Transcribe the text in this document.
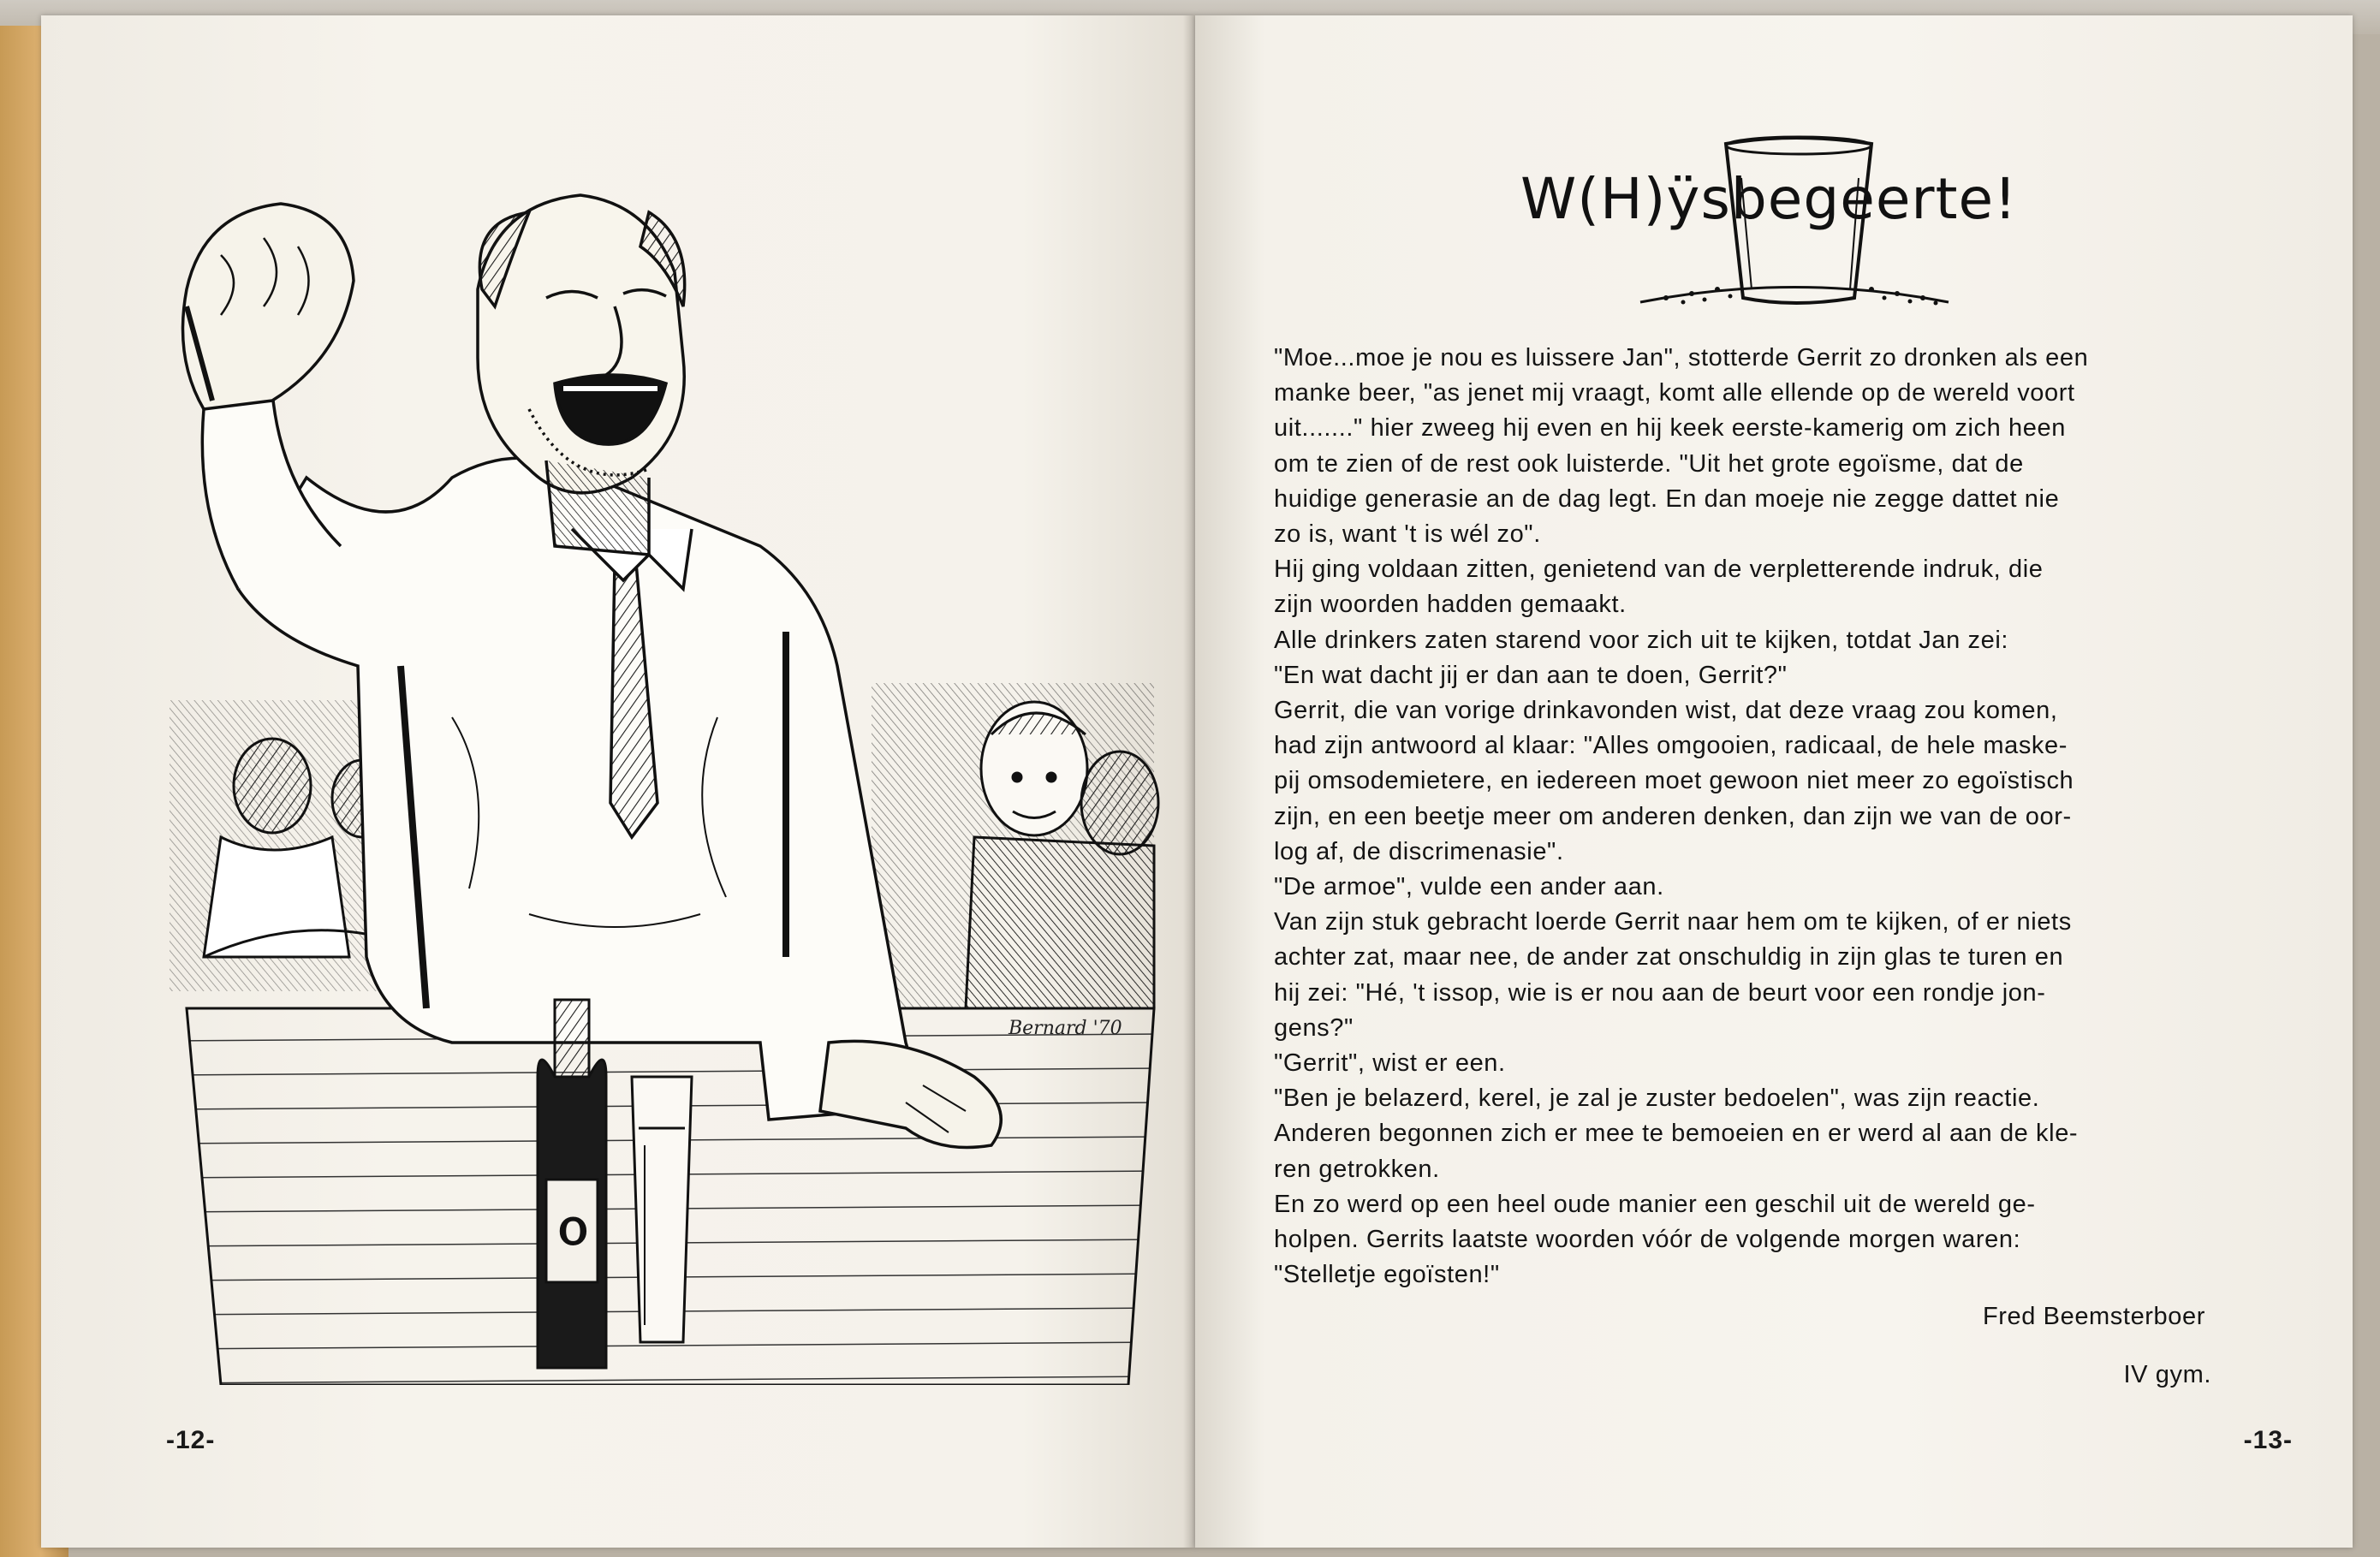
O
Bernard '70
-12-
W(H)ÿsbegeerte!

"Moe...moe je nou es luissere Jan", stotterde Gerrit zo dronken als een

manke beer, "as jenet mij vraagt, komt alle ellende op de wereld voort

uit......." hier zweeg hij even en hij keek eerste-kamerig om zich heen

om te zien of de rest ook luisterde. "Uit het grote egoïsme, dat de

huidige generasie an de dag legt. En dan moeje nie zegge dattet nie

zo is, want 't is wél zo".

Hij ging voldaan zitten, genietend van de verpletterende indruk, die

zijn woorden hadden gemaakt.

Alle drinkers zaten starend voor zich uit te kijken, totdat Jan zei:

"En wat dacht jij er dan aan te doen, Gerrit?"

Gerrit, die van vorige drinkavonden wist, dat deze vraag zou komen,

had zijn antwoord al klaar: "Alles omgooien, radicaal, de hele maske-

pij omsodemietere, en iedereen moet gewoon niet meer zo egoïstisch

zijn, en een beetje meer om anderen denken, dan zijn we van de oor-

log af, de discrimenasie".

"De armoe", vulde een ander aan.

Van zijn stuk gebracht loerde Gerrit naar hem om te kijken, of er niets

achter zat, maar nee, de ander zat onschuldig in zijn glas te turen en

hij zei: "Hé, 't issop, wie is er nou aan de beurt voor een rondje jon-

gens?"

"Gerrit", wist er een.

"Ben je belazerd, kerel, je zal je zuster bedoelen", was zijn reactie.

Anderen begonnen zich er mee te bemoeien en er werd al aan de kle-

ren getrokken.

En zo werd op een heel oude manier een geschil uit de wereld ge-

holpen. Gerrits laatste woorden vóór de volgende morgen waren:

"Stelletje egoïsten!"

Fred Beemsterboer
IV gym.
-13-
